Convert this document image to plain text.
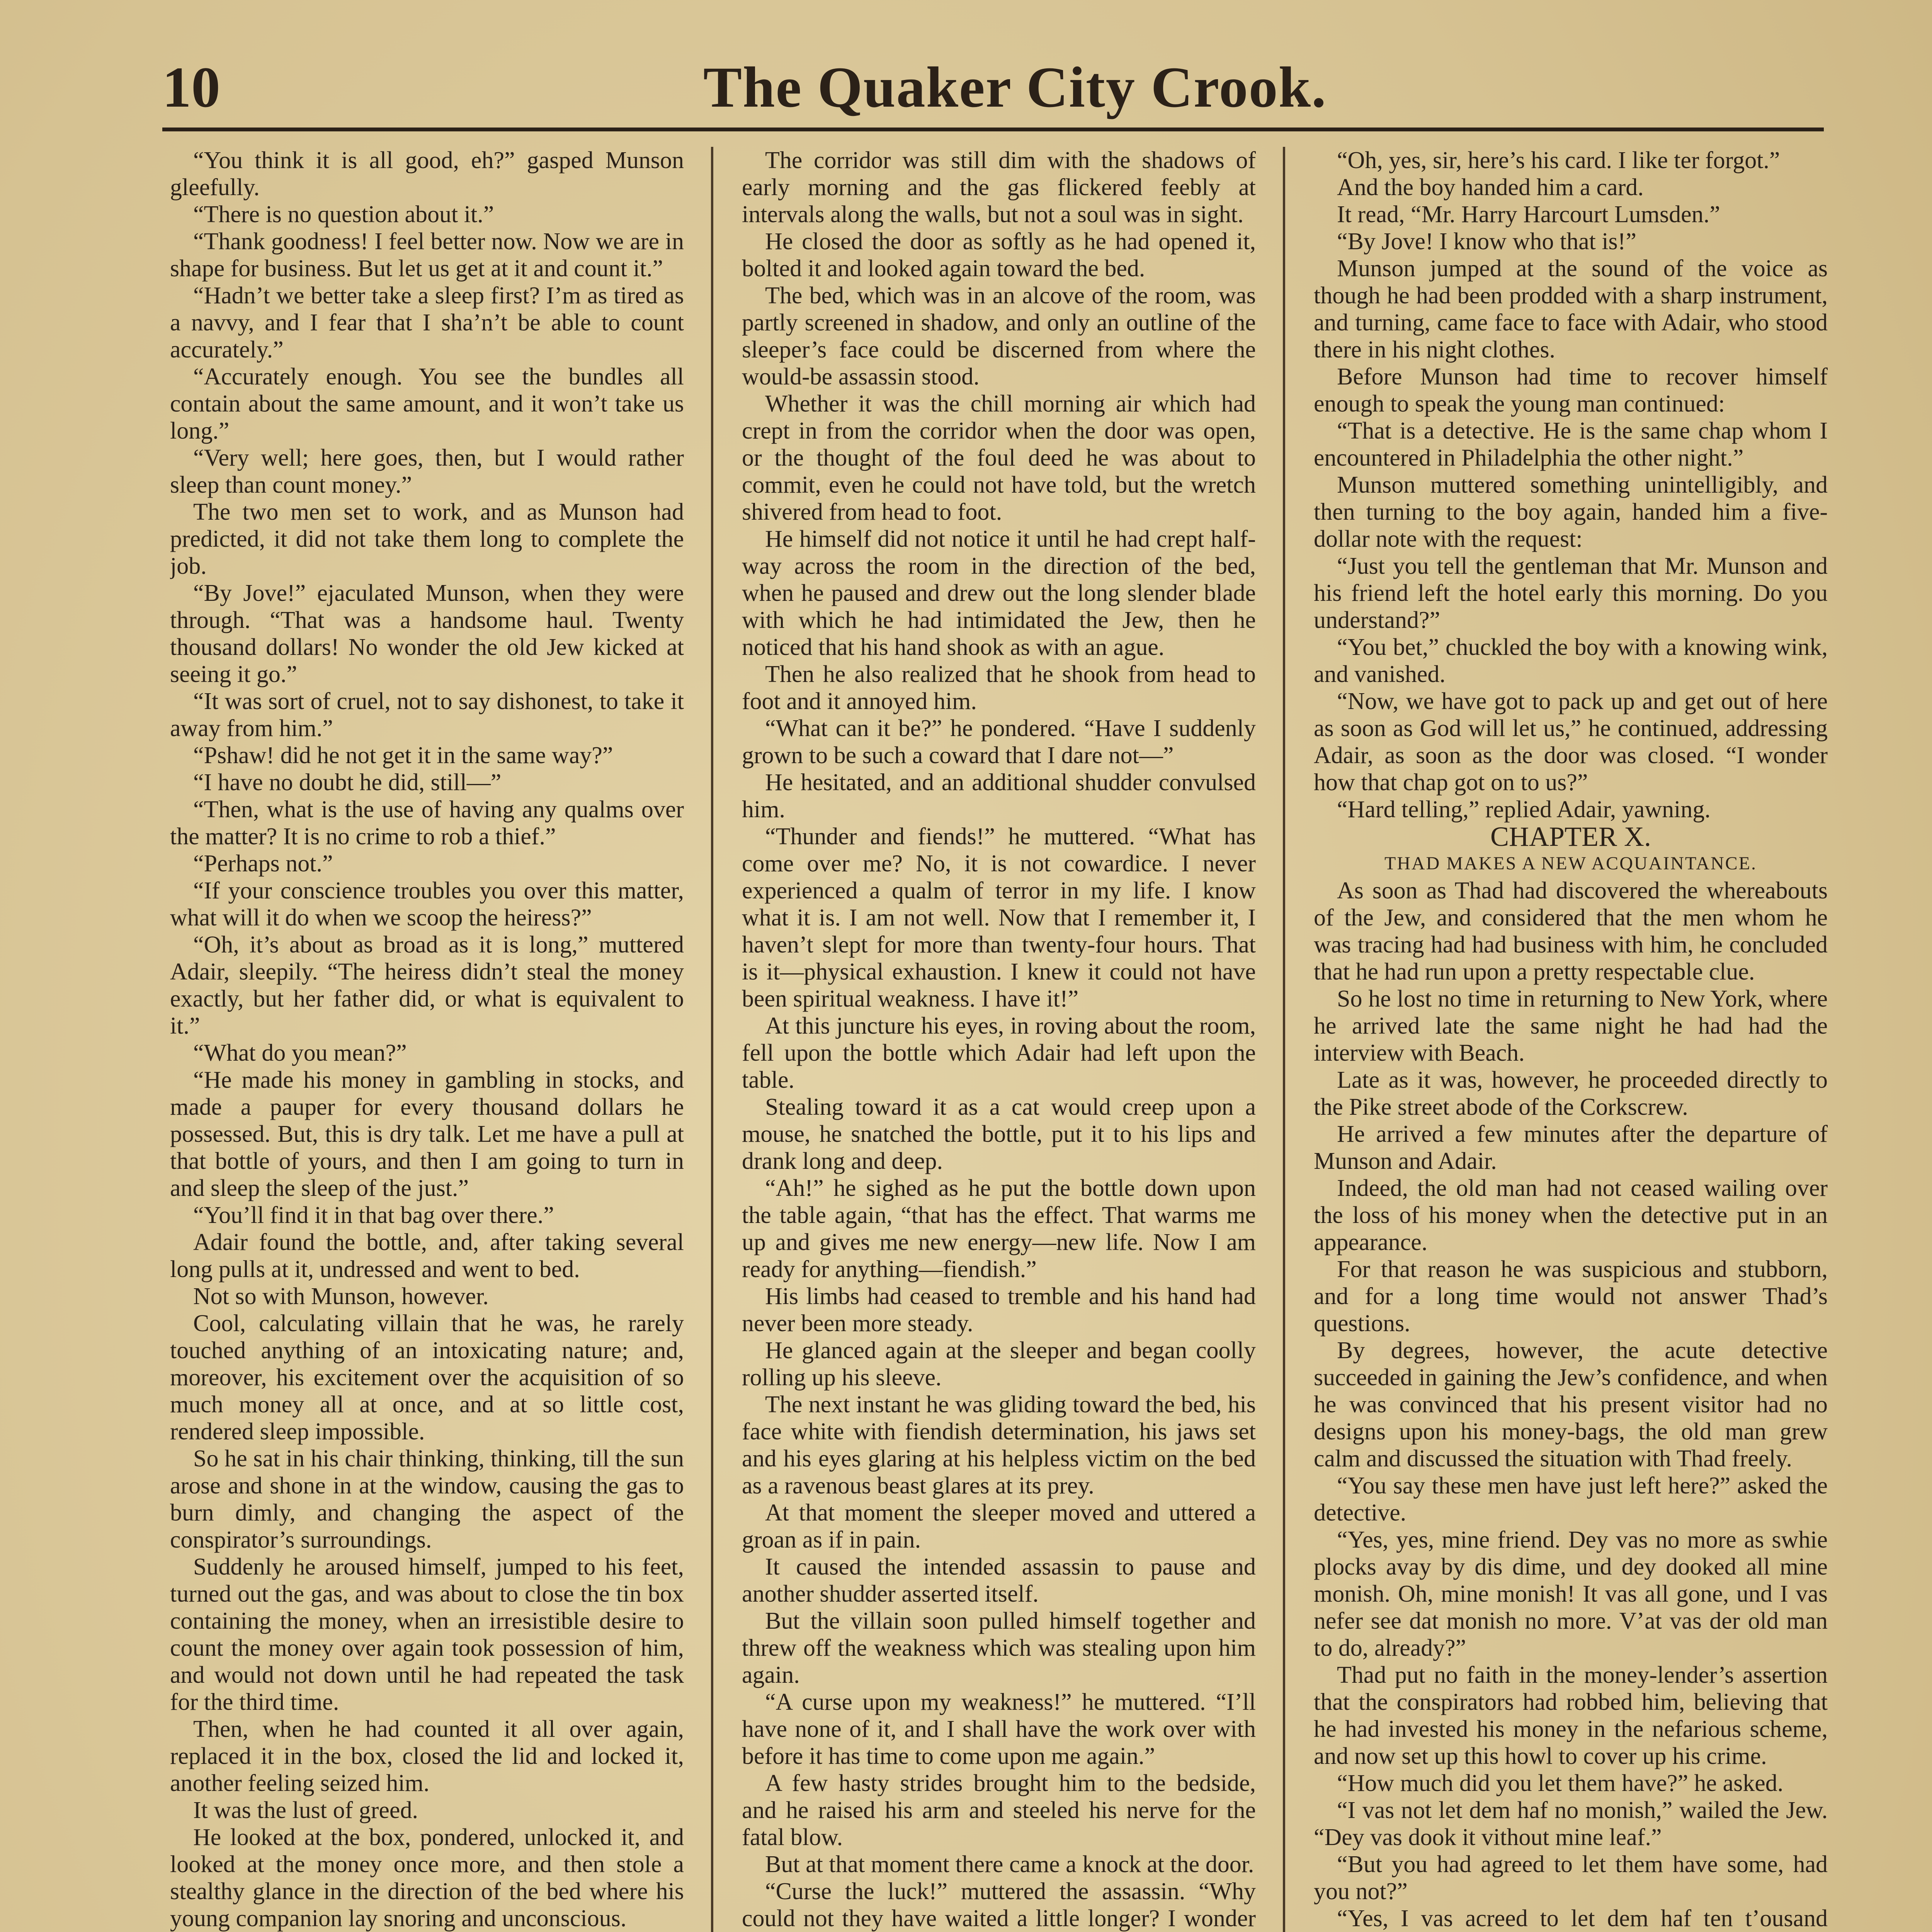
10	The Quaker City Crook.

“You think it is all good, eh?” gasped Munson gleefully.

“There is no question about it.”

“Thank goodness! I feel better now. Now we are in shape for business. But let us get at it and count it.”

“Hadn’t we better take a sleep first? I’m as tired as a navvy, and I fear that I sha’n’t be able to count accurately.”

“Accurately enough. You see the bundles all contain about the same amount, and it won’t take us long.”

“Very well; here goes, then, but I would rather sleep than count money.”

The two men set to work, and as Munson had predicted, it did not take them long to complete the job.

“By Jove!” ejaculated Munson, when they were through. “That was a handsome haul. Twenty thousand dollars! No wonder the old Jew kicked at seeing it go.”

“It was sort of cruel, not to say dishonest, to take it away from him.”

“Pshaw! did he not get it in the same way?”

“I have no doubt he did, still—”

“Then, what is the use of having any qualms over the matter? It is no crime to rob a thief.”

“Perhaps not.”

“If your conscience troubles you over this matter, what will it do when we scoop the heiress?”

“Oh, it’s about as broad as it is long,” muttered Adair, sleepily. “The heiress didn’t steal the money exactly, but her father did, or what is equivalent to it.”

“What do you mean?”

“He made his money in gambling in stocks, and made a pauper for every thousand dollars he possessed. But, this is dry talk. Let me have a pull at that bottle of yours, and then I am going to turn in and sleep the sleep of the just.”

“You’ll find it in that bag over there.”

Adair found the bottle, and, after taking several long pulls at it, undressed and went to bed.

Not so with Munson, however.

Cool, calculating villain that he was, he rarely touched anything of an intoxicating nature; and, moreover, his excitement over the acquisition of so much money all at once, and at so little cost, rendered sleep impossible.

So he sat in his chair thinking, thinking, till the sun arose and shone in at the window, causing the gas to burn dimly, and changing the aspect of the conspirator’s surroundings.

Suddenly he aroused himself, jumped to his feet, turned out the gas, and was about to close the tin box containing the money, when an irresistible desire to count the money over again took possession of him, and would not down until he had repeated the task for the third time.

Then, when he had counted it all over again, replaced it in the box, closed the lid and locked it, another feeling seized him.

It was the lust of greed.

He looked at the box, pondered, unlocked it, and looked at the money once more, and then stole a stealthy glance in the direction of the bed where his young companion lay snoring and unconscious.

The corridor was still dim with the shadows of early morning and the gas flickered feebly at intervals along the walls, but not a soul was in sight.

He closed the door as softly as he had opened it, bolted it and looked again toward the bed.

The bed, which was in an alcove of the room, was partly screened in shadow, and only an outline of the sleeper’s face could be discerned from where the would-be assassin stood.

Whether it was the chill morning air which had crept in from the corridor when the door was open, or the thought of the foul deed he was about to commit, even he could not have told, but the wretch shivered from head to foot.

He himself did not notice it until he had crept half-way across the room in the direction of the bed, when he paused and drew out the long slender blade with which he had intimidated the Jew, then he noticed that his hand shook as with an ague.

Then he also realized that he shook from head to foot and it annoyed him.

“What can it be?” he pondered. “Have I suddenly grown to be such a coward that I dare not—”

He hesitated, and an additional shudder convulsed him.

“Thunder and fiends!” he muttered. “What has come over me? No, it is not cowardice. I never experienced a qualm of terror in my life. I know what it is. I am not well. Now that I remember it, I haven’t slept for more than twenty-four hours. That is it—physical exhaustion. I knew it could not have been spiritual weakness. I have it!”

At this juncture his eyes, in roving about the room, fell upon the bottle which Adair had left upon the table.

Stealing toward it as a cat would creep upon a mouse, he snatched the bottle, put it to his lips and drank long and deep.

“Ah!” he sighed as he put the bottle down upon the table again, “that has the effect. That warms me up and gives me new energy—new life. Now I am ready for anything—fiendish.”

His limbs had ceased to tremble and his hand had never been more steady.

He glanced again at the sleeper and began coolly rolling up his sleeve.

The next instant he was gliding toward the bed, his face white with fiendish determination, his jaws set and his eyes glaring at his helpless victim on the bed as a ravenous beast glares at its prey.

At that moment the sleeper moved and uttered a groan as if in pain.

It caused the intended assassin to pause and another shudder asserted itself.

But the villain soon pulled himself together and threw off the weakness which was stealing upon him again.

“A curse upon my weakness!” he muttered. “I’ll have none of it, and I shall have the work over with before it has time to come upon me again.”

A few hasty strides brought him to the bedside, and he raised his arm and steeled his nerve for the fatal blow.

But at that moment there came a knock at the door.

“Curse the luck!” muttered the assassin. “Why could not they have waited a little longer? I wonder

“Oh, yes, sir, here’s his card. I like ter forgot.”

And the boy handed him a card.

It read, “Mr. Harry Harcourt Lumsden.”

“By Jove! I know who that is!”

Munson jumped at the sound of the voice as though he had been prodded with a sharp instrument, and turning, came face to face with Adair, who stood there in his night clothes.

Before Munson had time to recover himself enough to speak the young man continued:

“That is a detective. He is the same chap whom I encountered in Philadelphia the other night.”

Munson muttered something unintelligibly, and then turning to the boy again, handed him a five-dollar note with the request:

“Just you tell the gentleman that Mr. Munson and his friend left the hotel early this morning. Do you understand?”

“You bet,” chuckled the boy with a knowing wink, and vanished.

“Now, we have got to pack up and get out of here as soon as God will let us,” he continued, addressing Adair, as soon as the door was closed. “I wonder how that chap got on to us?”

“Hard telling,” replied Adair, yawning.

CHAPTER X.

THAD MAKES A NEW ACQUAINTANCE.

As soon as Thad had discovered the whereabouts of the Jew, and considered that the men whom he was tracing had had business with him, he concluded that he had run upon a pretty respectable clue.

So he lost no time in returning to New York, where he arrived late the same night he had had the interview with Beach.

Late as it was, however, he proceeded directly to the Pike street abode of the Corkscrew.

He arrived a few minutes after the departure of Munson and Adair.

Indeed, the old man had not ceased wailing over the loss of his money when the detective put in an appearance.

For that reason he was suspicious and stubborn, and for a long time would not answer Thad’s questions.

By degrees, however, the acute detective succeeded in gaining the Jew’s confidence, and when he was convinced that his present visitor had no designs upon his money-bags, the old man grew calm and discussed the situation with Thad freely.

“You say these men have just left here?” asked the detective.

“Yes, yes, mine friend. Dey vas no more as swhie plocks avay by dis dime, und dey dooked all mine monish. Oh, mine monish! It vas all gone, und I vas nefer see dat monish no more. V’at vas der old man to do, already?”

Thad put no faith in the money-lender’s assertion that the conspirators had robbed him, believing that he had invested his money in the nefarious scheme, and now set up this howl to cover up his crime.

“How much did you let them have?” he asked.

“I vas not let dem haf no monish,” wailed the Jew. “Dey vas dook it vithout mine leaf.”

“But you had agreed to let them have some, had you not?”

“Yes, I vas acreed to let dem haf ten t’ousand
